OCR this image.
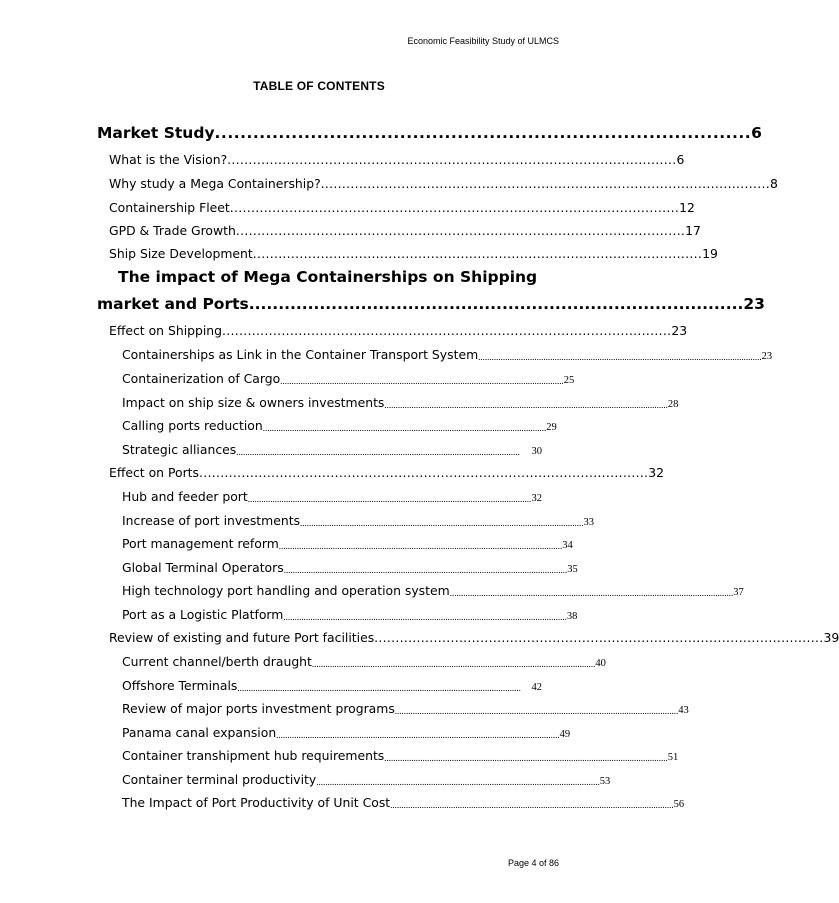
Economic Feasibility Study of ULMCS
TABLE OF CONTENTS
Market Study .................................................................................... 6
What is the Vision? .......................................................................................................... 6
Why study a Mega Containership? .......................................................................................................... 8
Containership Fleet .......................................................................................................... 12
GPD & Trade Growth .......................................................................................................... 17
Ship Size Development .......................................................................................................... 19
The impact of Mega Containerships on Shipping
market and Ports .................................................................................... 23
Effect on Shipping .......................................................................................................... 23
Containerships as Link in the Container Transport System .............................................................................................................................. 23
Containerization of Cargo .............................................................................................................................. 25
Impact on ship size & owners investments .............................................................................................................................. 28
Calling ports reduction .............................................................................................................................. 29
Strategic alliances ..............................................................................................................................	30
Effect on Ports .......................................................................................................... 32
Hub and feeder port .............................................................................................................................. 32
Increase of port investments .............................................................................................................................. 33
Port management reform .............................................................................................................................. 34
Global Terminal Operators .............................................................................................................................. 35
High technology port handling and operation system .............................................................................................................................. 37
Port as a Logistic Platform .............................................................................................................................. 38
Review of existing and future Port facilities .......................................................................................................... 39
Current channel/berth draught .............................................................................................................................. 40
Offshore Terminals ..............................................................................................................................	42
Review of major ports investment programs .............................................................................................................................. 43
Panama canal expansion .............................................................................................................................. 49
Container transhipment hub requirements .............................................................................................................................. 51
Container terminal productivity .............................................................................................................................. 53
The Impact of Port Productivity of Unit Cost .............................................................................................................................. 56
Page 4 of 86
